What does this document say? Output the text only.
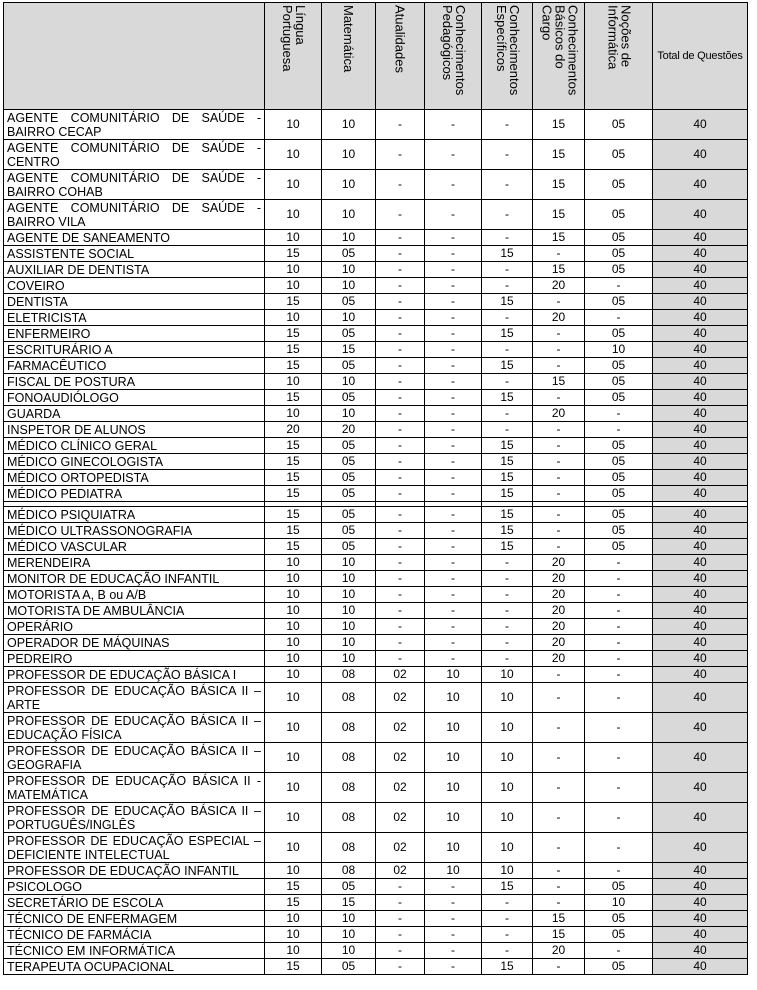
	Língua Portuguesa	Matemática	Atualidades	Conhecimentos Pedagógicos	Conhecimentos Específicos	Conhecimentos Básicos do Cargo	Noções de Informática	Total de Questões
AGENTE COMUNITÁRIO DE SAÚDE - BAIRRO CECAP	10	10	-	-	-	15	05	40
AGENTE COMUNITÁRIO DE SAÚDE - CENTRO	10	10	-	-	-	15	05	40
AGENTE COMUNITÁRIO DE SAÚDE - BAIRRO COHAB	10	10	-	-	-	15	05	40
AGENTE COMUNITÁRIO DE SAÚDE - BAIRRO VILA	10	10	-	-	-	15	05	40
AGENTE DE SANEAMENTO	10	10	-	-	-	15	05	40
ASSISTENTE SOCIAL	15	05	-	-	15	-	05	40
AUXILIAR DE DENTISTA	10	10	-	-	-	15	05	40
COVEIRO	10	10	-	-	-	20	-	40
DENTISTA	15	05	-	-	15	-	05	40
ELETRICISTA	10	10	-	-	-	20	-	40
ENFERMEIRO	15	05	-	-	15	-	05	40
ESCRITURÁRIO A	15	15	-	-	-	-	10	40
FARMACÊUTICO	15	05	-	-	15	-	05	40
FISCAL DE POSTURA	10	10	-	-	-	15	05	40
FONOAUDIÓLOGO	15	05	-	-	15	-	05	40
GUARDA	10	10	-	-	-	20	-	40
INSPETOR DE ALUNOS	20	20	-	-	-	-	-	40
MÉDICO CLÍNICO GERAL	15	05	-	-	15	-	05	40
MÉDICO GINECOLOGISTA	15	05	-	-	15	-	05	40
MÉDICO ORTOPEDISTA	15	05	-	-	15	-	05	40
MÉDICO PEDIATRA	15	05	-	-	15	-	05	40

MÉDICO PSIQUIATRA	15	05	-	-	15	-	05	40
MÉDICO ULTRASSONOGRAFIA	15	05	-	-	15	-	05	40
MÉDICO VASCULAR	15	05	-	-	15	-	05	40
MERENDEIRA	10	10	-	-	-	20	-	40
MONITOR DE EDUCAÇÃO INFANTIL	10	10	-	-	-	20	-	40
MOTORISTA A, B ou A/B	10	10	-	-	-	20	-	40
MOTORISTA DE AMBULÂNCIA	10	10	-	-	-	20	-	40
OPERÁRIO	10	10	-	-	-	20	-	40
OPERADOR DE MÁQUINAS	10	10	-	-	-	20	-	40
PEDREIRO	10	10	-	-	-	20	-	40
PROFESSOR DE EDUCAÇÃO BÁSICA I	10	08	02	10	10	-	-	40
PROFESSOR DE EDUCAÇÃO BÁSICA II – ARTE	10	08	02	10	10	-	-	40
PROFESSOR DE EDUCAÇÃO BÁSICA II – EDUCAÇÃO FÍSICA	10	08	02	10	10	-	-	40
PROFESSOR DE EDUCAÇÃO BÁSICA II – GEOGRAFIA	10	08	02	10	10	-	-	40
PROFESSOR DE EDUCAÇÃO BÁSICA II - MATEMÁTICA	10	08	02	10	10	-	-	40
PROFESSOR DE EDUCAÇÃO BÁSICA II – PORTUGUÊS/INGLÊS	10	08	02	10	10	-	-	40
PROFESSOR DE EDUCAÇÃO ESPECIAL – DEFICIENTE INTELECTUAL	10	08	02	10	10	-	-	40
PROFESSOR DE EDUCAÇÃO INFANTIL	10	08	02	10	10	-	-	40
PSICOLOGO	15	05	-	-	15	-	05	40
SECRETÁRIO DE ESCOLA	15	15	-	-	-	-	10	40
TÉCNICO DE ENFERMAGEM	10	10	-	-	-	15	05	40
TÉCNICO DE FARMÁCIA	10	10	-	-	-	15	05	40
TÉCNICO EM INFORMÁTICA	10	10	-	-	-	20	-	40
TERAPEUTA OCUPACIONAL	15	05	-	-	15	-	05	40
